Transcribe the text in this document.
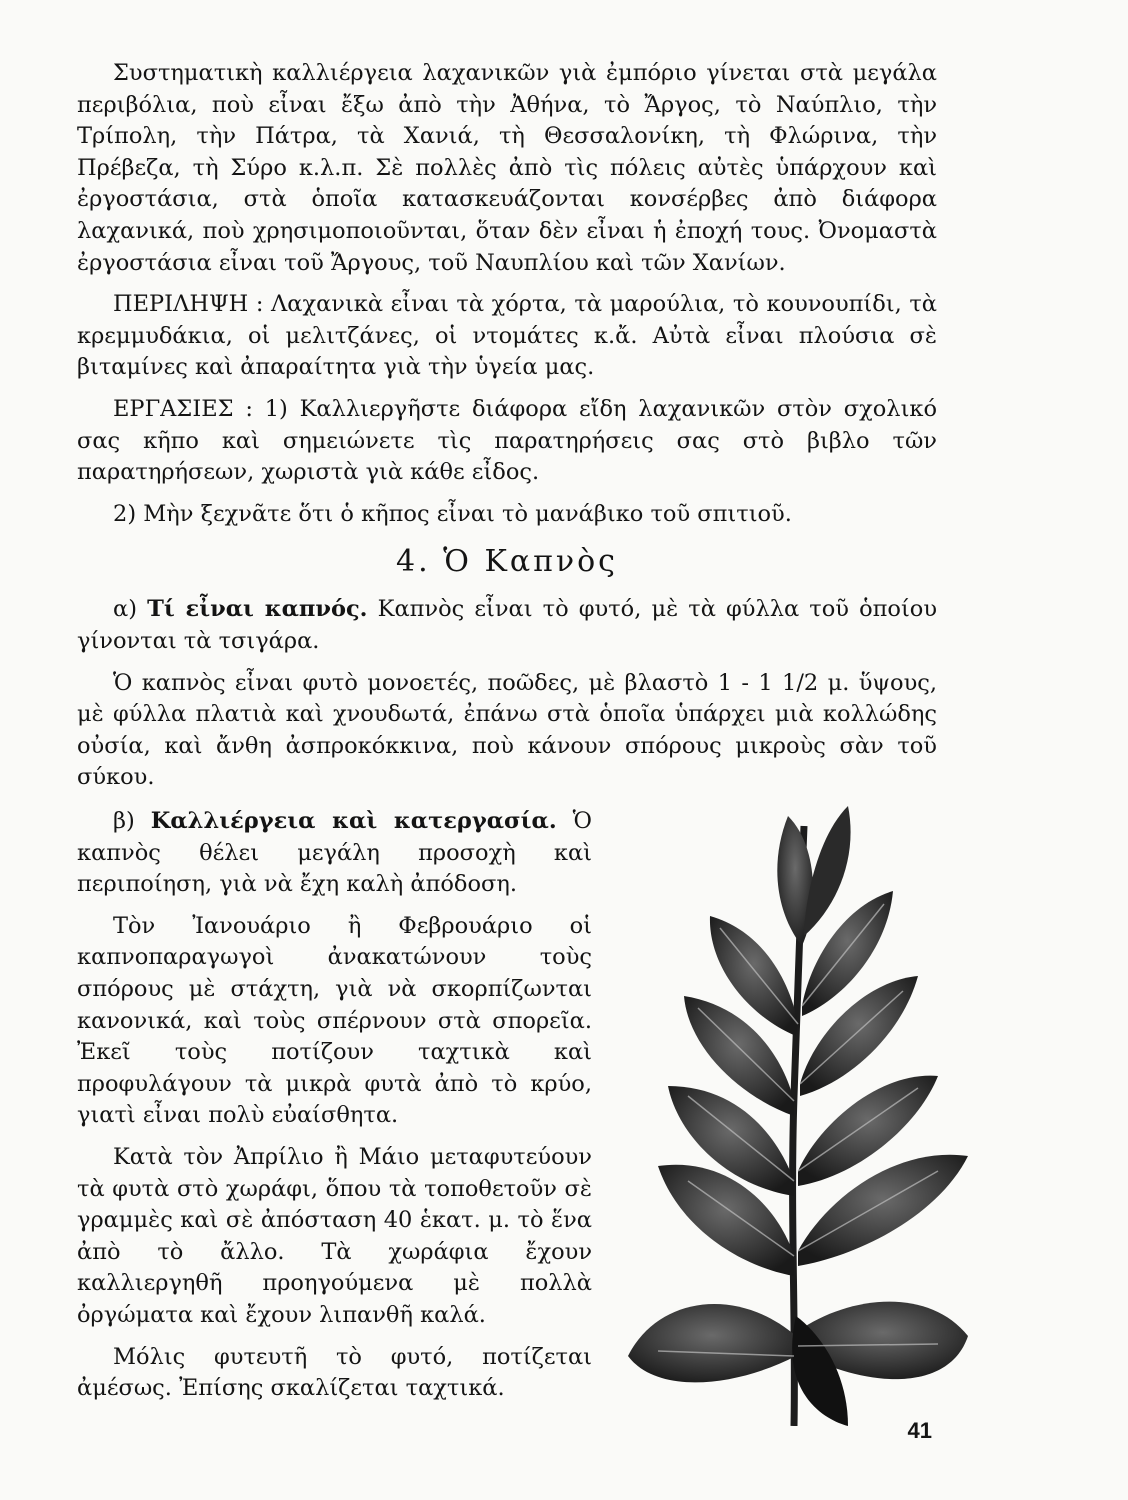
Συστηματικὴ καλλιέργεια λαχανικῶν γιὰ ἐμπόριο γίνεται στὰ μεγάλα περιβόλια, ποὺ εἶναι ἔξω ἀπὸ τὴν Ἀθήνα, τὸ Ἄργος, τὸ Ναύπλιο, τὴν Τρίπολη, τὴν Πάτρα, τὰ Χανιά, τὴ Θεσσαλονίκη, τὴ Φλώρινα, τὴν Πρέβεζα, τὴ Σύρο κ.λ.π. Σὲ πολλὲς ἀπὸ τὶς πόλεις αὐτὲς ὑπάρχουν καὶ ἐργοστάσια, στὰ ὁποῖα κατασκευάζονται κονσέρβες ἀπὸ διάφορα λαχανικά, ποὺ χρησιμοποιοῦνται, ὅταν δὲν εἶναι ἡ ἐποχή τους. Ὀνομαστὰ ἐργοστάσια εἶναι τοῦ Ἄργους, τοῦ Ναυπλίου καὶ τῶν Χανίων.

ΠΕΡΙΛΗΨΗ : Λαχανικὰ εἶναι τὰ χόρτα, τὰ μαρούλια, τὸ κουνουπίδι, τὰ κρεμμυδάκια, οἱ μελιτζάνες, οἱ ντομάτες κ.ἄ. Αὐτὰ εἶναι πλούσια σὲ βιταμίνες καὶ ἀπαραίτητα γιὰ τὴν ὑγεία μας.

ΕΡΓΑΣΙΕΣ : 1) Καλλιεργῆστε διάφορα εἴδη λαχανικῶν στὸν σχολικό σας κῆπο καὶ σημειώνετε τὶς παρατηρήσεις σας στὸ βιβλο τῶν παρατηρήσεων, χωριστὰ γιὰ κάθε εἶδος.

2) Μὴν ξεχνᾶτε ὅτι ὁ κῆπος εἶναι τὸ μανάβικο τοῦ σπιτιοῦ.

4. Ὁ Καπνὸς

α) Τί εἶναι καπνός. Καπνὸς εἶναι τὸ φυτό, μὲ τὰ φύλλα τοῦ ὁποίου γίνονται τὰ τσιγάρα.

Ὁ καπνὸς εἶναι φυτὸ μονοετές, ποῶδες, μὲ βλαστὸ 1 - 1 1/2 μ. ὕψους, μὲ φύλλα πλατιὰ καὶ χνουδωτά, ἐπάνω στὰ ὁποῖα ὑπάρχει μιὰ κολλώδης οὐσία, καὶ ἄνθη ἀσπροκόκκινα, ποὺ κάνουν σπόρους μικροὺς σὰν τοῦ σύκου.

β) Καλλιέργεια καὶ κατεργασία. Ὁ καπνὸς θέλει μεγάλη προσοχὴ καὶ περιποίηση, γιὰ νὰ ἔχη καλὴ ἀπόδοση.

Τὸν Ἰανουάριο ἢ Φεβρουάριο οἱ καπνοπαραγωγοὶ ἀνακατώνουν τοὺς σπόρους μὲ στάχτη, γιὰ νὰ σκορπίζωνται κανονικά, καὶ τοὺς σπέρνουν στὰ σπορεῖα. Ἐκεῖ τοὺς ποτίζουν ταχτικὰ καὶ προφυλάγουν τὰ μικρὰ φυτὰ ἀπὸ τὸ κρύο, γιατὶ εἶναι πολὺ εὐαίσθητα.

Κατὰ τὸν Ἀπρίλιο ἢ Μάιο μεταφυτεύουν τὰ φυτὰ στὸ χωράφι, ὅπου τὰ τοποθετοῦν σὲ γραμμὲς καὶ σὲ ἀπόσταση 40 ἑκατ. μ. τὸ ἕνα ἀπὸ τὸ ἄλλο. Τὰ χωράφια ἔχουν καλλιεργηθῆ προηγούμενα μὲ πολλὰ ὀργώματα καὶ ἔχουν λιπανθῆ καλά.

Μόλις φυτευτῆ τὸ φυτό, ποτίζεται ἀμέσως. Ἐπίσης σκαλίζεται ταχτικά.

41
